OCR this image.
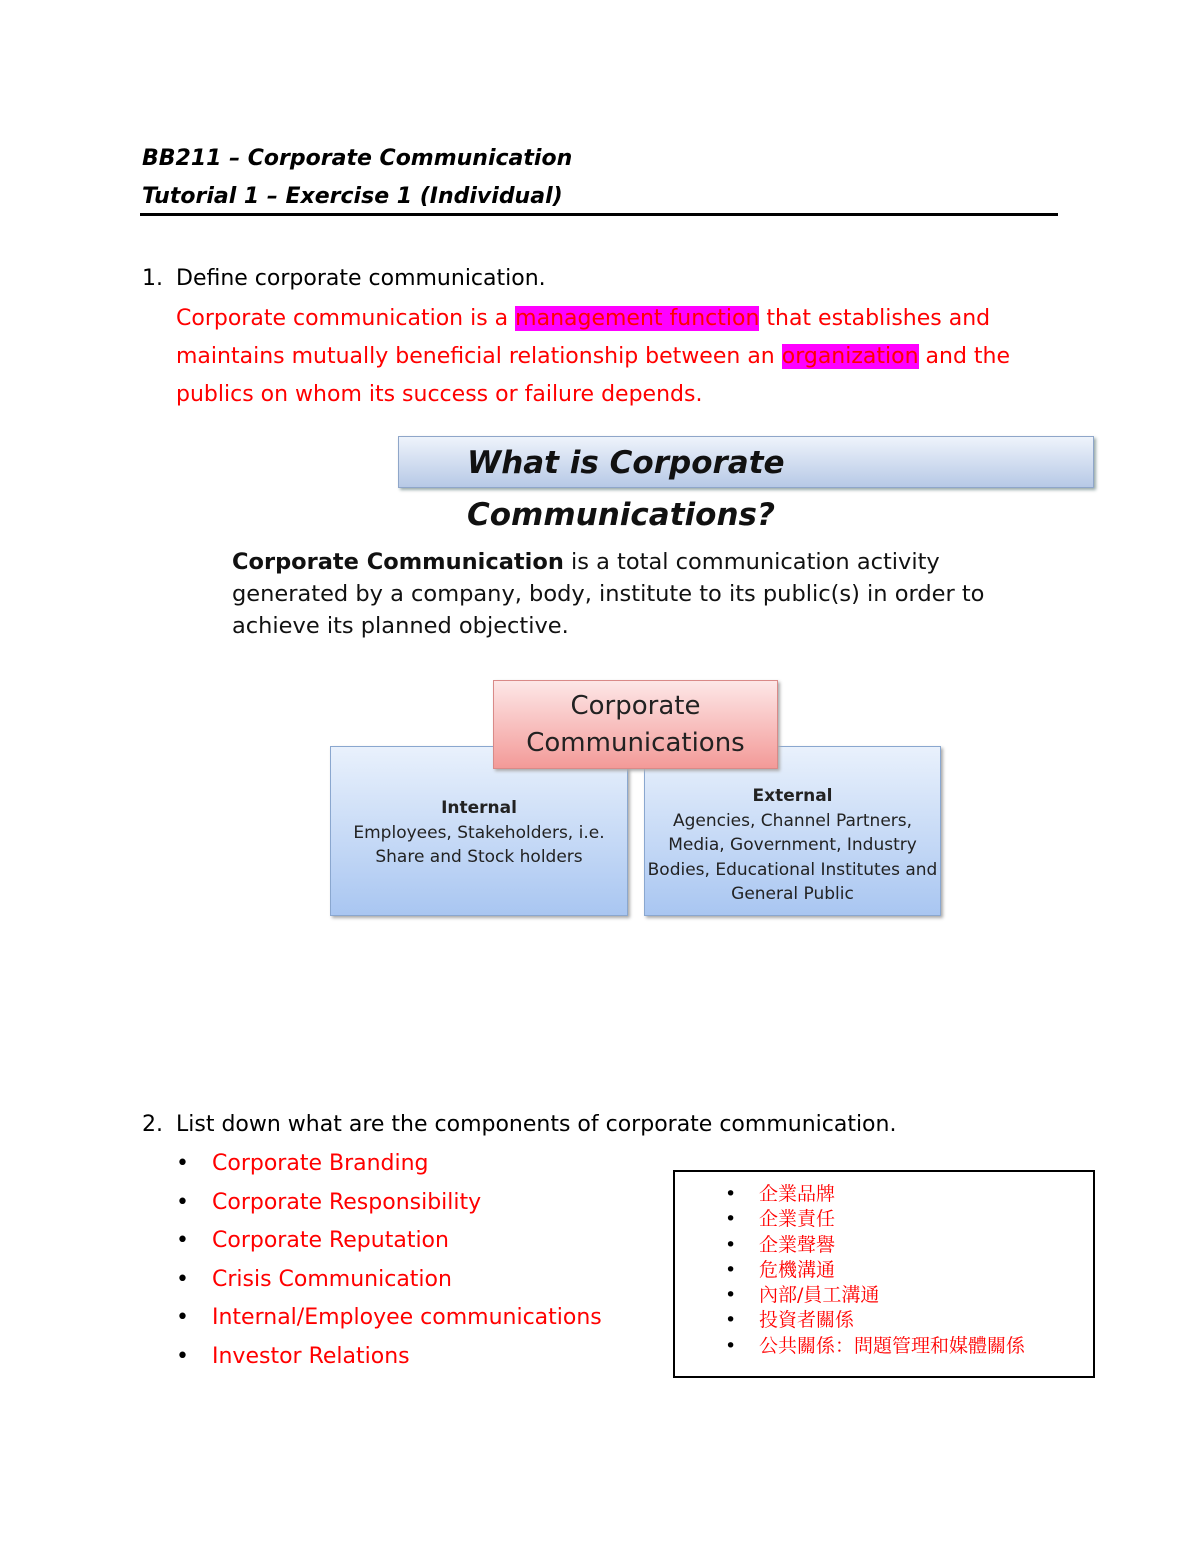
BB211 – Corporate Communication
Tutorial 1 – Exercise 1 (Individual)
1. Define corporate communication.
Corporate communication is a management function that establishes and maintains mutually beneficial relationship between an organization and the publics on whom its success or failure depends.
What is Corporate Communications?
Corporate Communication is a total communication activity generated by a company, body, institute to its public(s) in order to achieve its planned objective.
Internal
Employees, Stakeholders, i.e. Share and Stock holders
External
Agencies, Channel Partners, Media, Government, Industry Bodies, Educational Institutes and General Public
Corporate
Communications
2. List down what are the components of corporate communication.
• Corporate Branding
• Corporate Responsibility
• Corporate Reputation
• Crisis Communication
• Internal/Employee communications
• Investor Relations
• 企業品牌
• 企業責任
• 企業聲譽
• 危機溝通
• 內部/員工溝通
• 投資者關係
• 公共關係：問題管理和媒體關係
